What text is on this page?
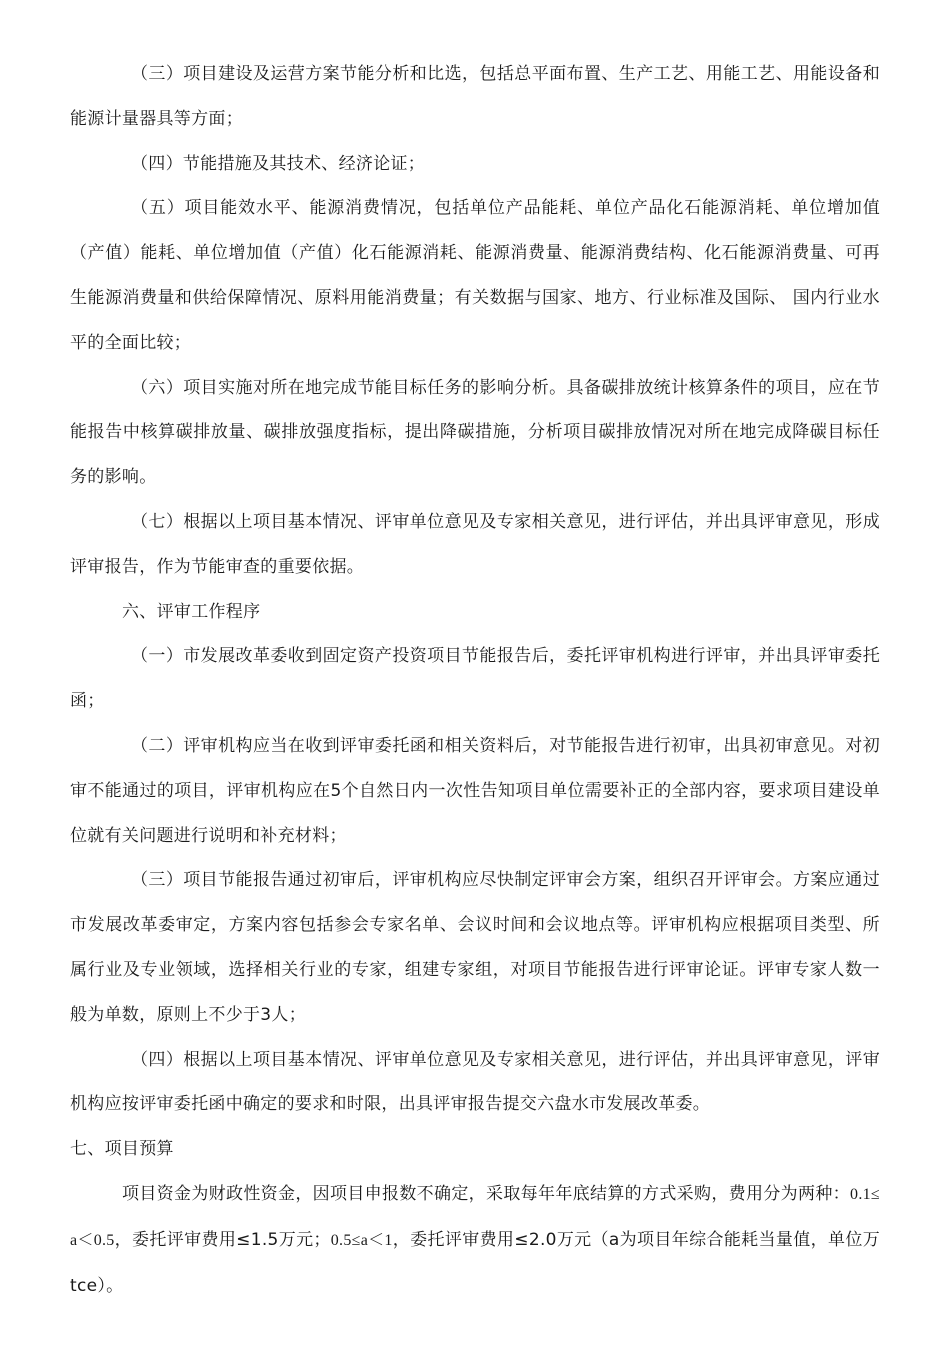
（三）项目建设及运营方案节能分析和比选，包括总平面布置、生产工艺、用能工艺、用能设备和能源计量器具等方面；

（四）节能措施及其技术、经济论证；

（五）项目能效水平、能源消费情况，包括单位产品能耗、单位产品化石能源消耗、单位增加值（产值）能耗、单位增加值（产值）化石能源消耗、能源消费量、能源消费结构、化石能源消费量、可再生能源消费量和供给保障情况、原料用能消费量；有关数据与国家、地方、行业标准及国际、 国内行业水平的全面比较；

（六）项目实施对所在地完成节能目标任务的影响分析。具备碳排放统计核算条件的项目，应在节能报告中核算碳排放量、碳排放强度指标，提出降碳措施，分析项目碳排放情况对所在地完成降碳目标任务的影响。

（七）根据以上项目基本情况、评审单位意见及专家相关意见，进行评估，并出具评审意见，形成评审报告，作为节能审查的重要依据。

六、评审工作程序

（一）市发展改革委收到固定资产投资项目节能报告后，委托评审机构进行评审，并出具评审委托函；

（二）评审机构应当在收到评审委托函和相关资料后，对节能报告进行初审，出具初审意见。对初审不能通过的项目，评审机构应在5个自然日内一次性告知项目单位需要补正的全部内容，要求项目建设单位就有关问题进行说明和补充材料；

（三）项目节能报告通过初审后，评审机构应尽快制定评审会方案，组织召开评审会。方案应通过市发展改革委审定，方案内容包括参会专家名单、会议时间和会议地点等。评审机构应根据项目类型、所属行业及专业领域，选择相关行业的专家，组建专家组，对项目节能报告进行评审论证。评审专家人数一般为单数，原则上不少于3人；

（四）根据以上项目基本情况、评审单位意见及专家相关意见，进行评估，并出具评审意见，评审机构应按评审委托函中确定的要求和时限，出具评审报告提交六盘水市发展改革委。

七、项目预算

项目资金为财政性资金，因项目申报数不确定，采取每年年底结算的方式采购，费用分为两种：0.1≤a＜0.5，委托评审费用≤1.5万元；0.5≤a＜1，委托评审费用≤2.0万元（a为项目年综合能耗当量值，单位万tce）。
